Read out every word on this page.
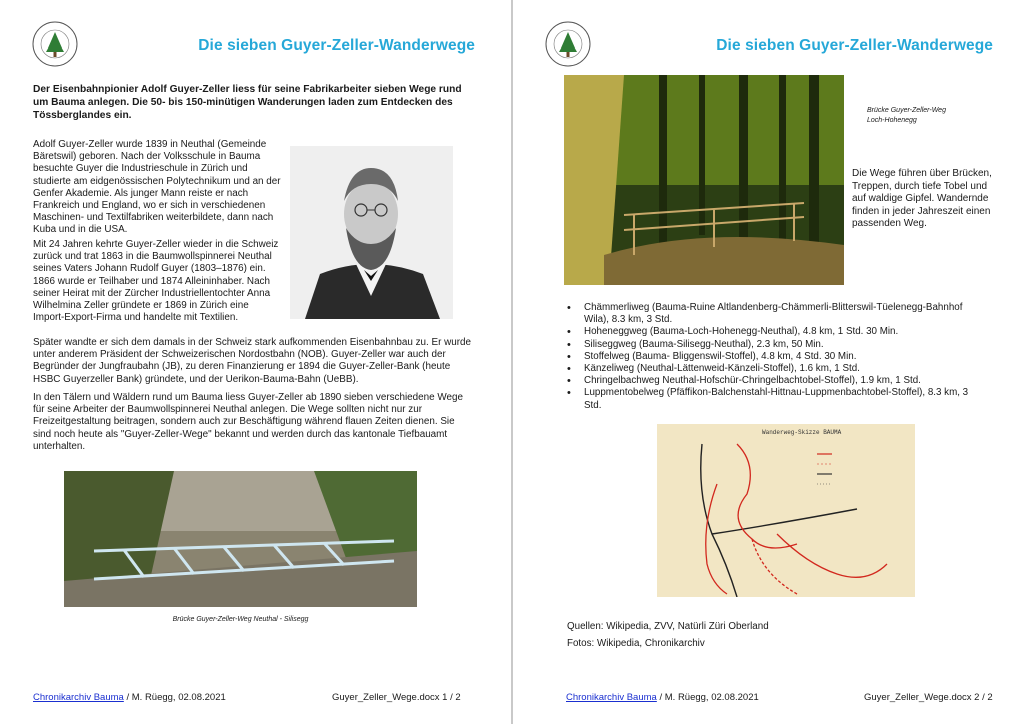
Die sieben Guyer-Zeller-Wanderwege
Der Eisenbahnpionier Adolf Guyer-Zeller liess für seine Fabrikarbeiter sieben Wege rund um Bauma anlegen. Die 50- bis 150-minütigen Wanderungen laden zum Entdecken des Tössberglandes ein.
Adolf Guyer-Zeller wurde 1839 in Neuthal (Gemeinde Bäretswil) geboren. Nach der Volksschule in Bauma besuchte Guyer die Industrieschule in Zürich und studierte am eidgenössischen Polytechnikum und an der Genfer Akademie. Als junger Mann reiste er nach Frankreich und England, wo er sich in verschiedenen Maschinen- und Textilfabriken weiterbildete, dann nach Kuba und in die USA.
Mit 24 Jahren kehrte Guyer-Zeller wieder in die Schweiz zurück und trat 1863 in die Baumwollspinnerei Neuthal seines Vaters Johann Rudolf Guyer (1803–1876) ein. 1866 wurde er Teilhaber und 1874 Alleininhaber. Nach seiner Heirat mit der Zürcher Industriellentochter Anna Wilhelmina Zeller gründete er 1869 in Zürich eine Import-Export-Firma und handelte mit Textilien.
Später wandte er sich dem damals in der Schweiz stark aufkommenden Eisenbahnbau zu. Er wurde unter anderem Präsident der Schweizerischen Nordostbahn (NOB). Guyer-Zeller war auch der Begründer der Jungfraubahn (JB), zu deren Finanzierung er 1894 die Guyer-Zeller-Bank (heute HSBC Guyerzeller Bank) gründete, und der Uerikon-Bauma-Bahn (UeBB).
In den Tälern und Wäldern rund um Bauma liess Guyer-Zeller ab 1890 sieben verschiedene Wege für seine Arbeiter der Baumwollspinnerei Neuthal anlegen. Die Wege sollten nicht nur zur Freizeitgestaltung beitragen, sondern auch zur Beschäftigung während flauen Zeiten dienen. Sie sind noch heute als "Guyer-Zeller-Wege" bekannt und werden durch das kantonale Tiefbauamt unterhalten.
Brücke Guyer-Zeller-Weg Neuthal - Silisegg
Chronikarchiv Bauma / M. Rüegg, 02.08.2021	Guyer_Zeller_Wege.docx 1 / 2
Die sieben Guyer-Zeller-Wanderwege
Brücke Guyer-Zeller-Weg
Loch-Hohenegg
Die Wege führen über Brücken, Treppen, durch tiefe Tobel und auf waldige Gipfel. Wandernde finden in jeder Jahreszeit einen passenden Weg.
• Chämmerliweg (Bauma-Ruine Altlandenberg-Chämmerli-Blitterswil-Tüelenegg-Bahnhof Wila), 8.3 km, 3 Std.
• Hoheneggweg (Bauma-Loch-Hohenegg-Neuthal), 4.8 km, 1 Std. 30 Min.
• Siliseggweg (Bauma-Silisegg-Neuthal), 2.3 km, 50 Min.
• Stoffelweg (Bauma- Bliggenswil-Stoffel), 4.8 km, 4 Std. 30 Min.
• Känzeliweg (Neuthal-Lättenweid-Känzeli-Stoffel), 1.6 km, 1 Std.
• Chringelbachweg Neuthal-Hofschür-Chringelbachtobel-Stoffel), 1.9 km, 1 Std.
• Luppmentobelweg (Pfäffikon-Balchenstahl-Hittnau-Luppmenbachtobel-Stoffel), 8.3 km, 3 Std.
Wanderweg-Skizze BAUMA
Quellen: Wikipedia, ZVV, Natürli Züri Oberland
Fotos: Wikipedia, Chronikarchiv
Chronikarchiv Bauma / M. Rüegg, 02.08.2021	Guyer_Zeller_Wege.docx 2 / 2
